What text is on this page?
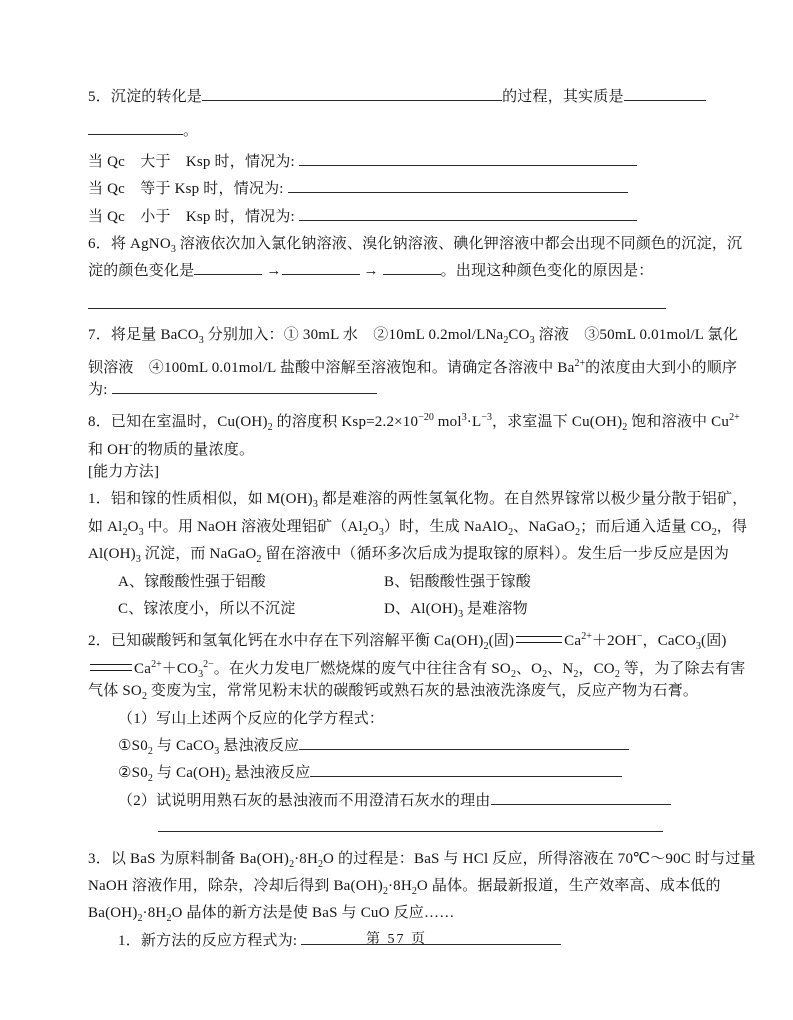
5．沉淀的转化是	的过程，其实质是
。
当 Qc　大于　Ksp 时，情况为:
当 Qc　等于 Ksp 时，情况为:
当 Qc　小于　Ksp 时，情况为:
6．将 AgNO$_3$ 溶液依次加入氯化钠溶液、溴化钠溶液、碘化钾溶液中都会出现不同颜色的沉淀，沉
淀的颜色变化是	→	→	。出现这种颜色变化的原因是：
7．将足量 BaCO$_3$ 分别加入：① 30mL 水　②10mL $0.2mol/LNa_2CO_3$ 溶液　③50mL 0.01mol/L 氯化
钡溶液　④100mL 0.01mol/L 盐酸中溶解至溶液饱和。请确定各溶液中 $Ba^{2+}$的浓度由大到小的顺序
为:
8．已知在室温时，$Cu(OH)_2$ 的溶度积 $Ksp=2.2\times 10^{-20}$ $mol^3\cdot L^{-3}$，求室温下 $Cu(OH)_2$ 饱和溶液中 $Cu^{2+}$
和 OH-的物质的量浓度。
[能力方法]
1．铝和镓的性质相似，如 $M(OH)_3$ 都是难溶的两性氢氧化物。在自然界镓常以极少量分散于铝矿，
如 $Al_2O_3$ 中。用 NaOH 溶液处理铝矿$(Al_2O_3)$时，生成 NaAlO$_2$、NaGaO$_2$；而后通入适量 $CO_2$，得
$Al(OH)_3$ 沉淀，而 NaGaO$_2$ 留在溶液中（循环多次后成为提取镓的原料）。发生后一步反应是因为
A、镓酸酸性强于铝酸	B、铝酸酸性强于镓酸
C、镓浓度小，所以不沉淀	D、$Al(OH)_3$ 是难溶物
2．已知碳酸钙和氢氧化钙在水中存在下列溶解平衡 $Ca(OH)_2$(固)	$Ca^{2+}+2OH^-$，CaCO$_3$(固)
$Ca^{2+}+CO_3^{2-}$。在火力发电厂燃烧煤的废气中往往含有 $SO_2$、$O_2$、$N_2$，$CO_2$ 等，为了除去有害
气体 $SO_2$ 变废为宝，常常见粉末状的碳酸钙或熟石灰的悬浊液洗涤废气，反应产物为石膏。
（1）写山上述两个反应的化学方程式：
$①S0_2$ 与 CaCO$_3$ 悬浊液反应
$②S0_2$ 与 $Ca(OH)_2$ 悬浊液反应
（2）试说明用熟石灰的悬浊液而不用澄清石灰水的理由
3．以 BaS 为原料制备 $Ba(OH)_2\cdot 8H_2O$ 的过程是：BaS 与 HCl 反应，所得溶液在 70℃～90C 时与过量
NaOH 溶液作用，除杂，冷却后得到 $Ba(OH)_2\cdot 8H_2O$ 晶体。据最新报道，生产效率高、成本低的
$Ba(OH)_2\cdot 8H_2O$ 晶体的新方法是使 BaS 与 CuO 反应……
1．新方法的反应方程式为:	第 57 页
